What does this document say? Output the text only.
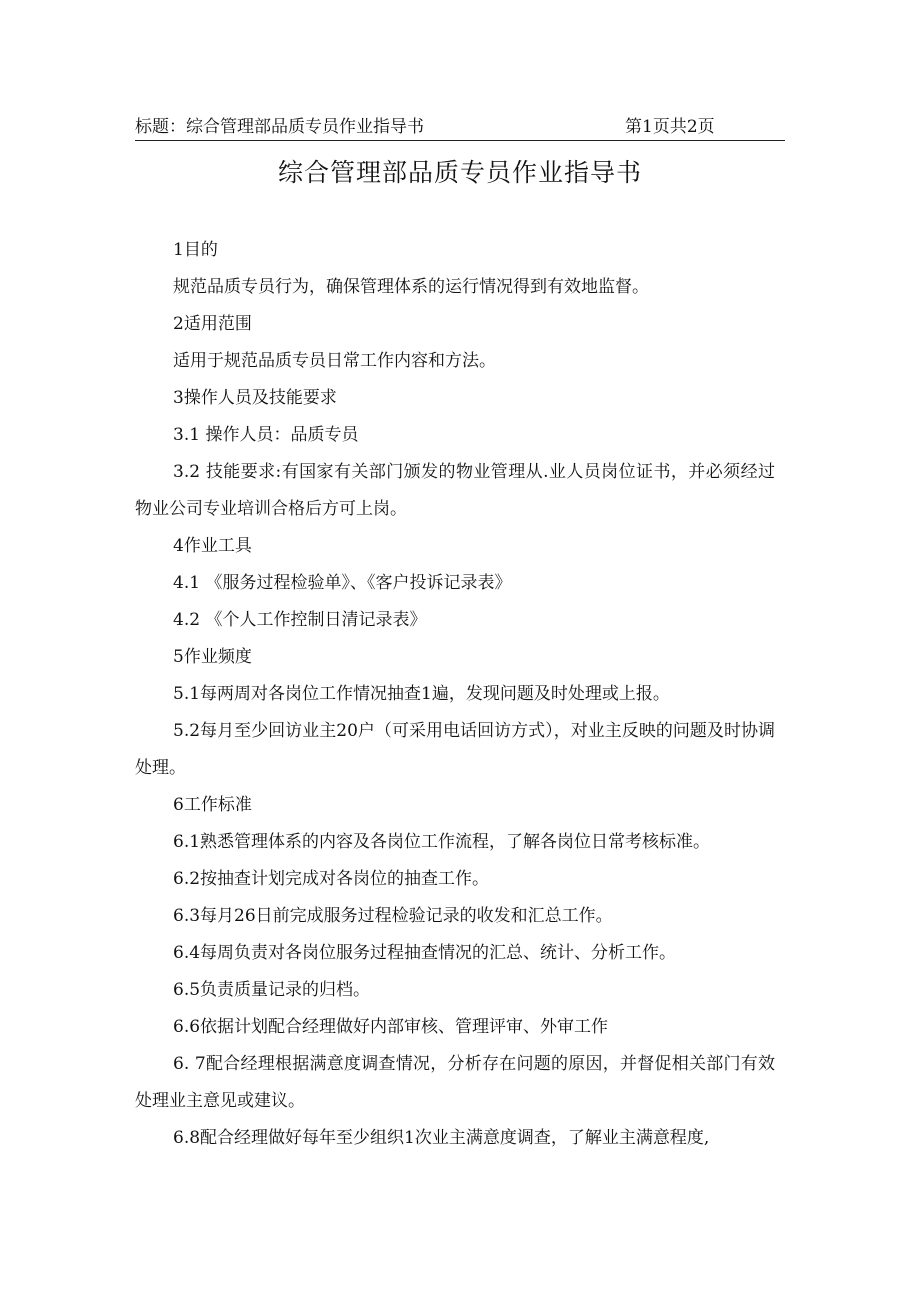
标题：综合管理部品质专员作业指导书	第1页共2页
综合管理部品质专员作业指导书

1目的

规范品质专员行为，确保管理体系的运行情况得到有效地监督。

2适用范围

适用于规范品质专员日常工作内容和方法。

3操作人员及技能要求

3.1 操作人员：品质专员

3.2 技能要求:有国家有关部门颁发的物业管理从.业人员岗位证书，并必须经过物业公司专业培训合格后方可上岗。

4作业工具

4.1 《服务过程检验单》、《客户投诉记录表》

4.2 《个人工作控制日清记录表》

5作业频度

5.1每两周对各岗位工作情况抽查1遍，发现问题及时处理或上报。

5.2每月至少回访业主20户（可采用电话回访方式），对业主反映的问题及时协调处理。

6工作标准

6.1熟悉管理体系的内容及各岗位工作流程，了解各岗位日常考核标准。

6.2按抽查计划完成对各岗位的抽查工作。

6.3每月26日前完成服务过程检验记录的收发和汇总工作。

6.4每周负责对各岗位服务过程抽查情况的汇总、统计、分析工作。

6.5负责质量记录的归档。

6.6依据计划配合经理做好内部审核、管理评审、外审工作

6. 7配合经理根据满意度调查情况，分析存在问题的原因，并督促相关部门有效处理业主意见或建议。

6.8配合经理做好每年至少组织1次业主满意度调查，了解业主满意程度,
